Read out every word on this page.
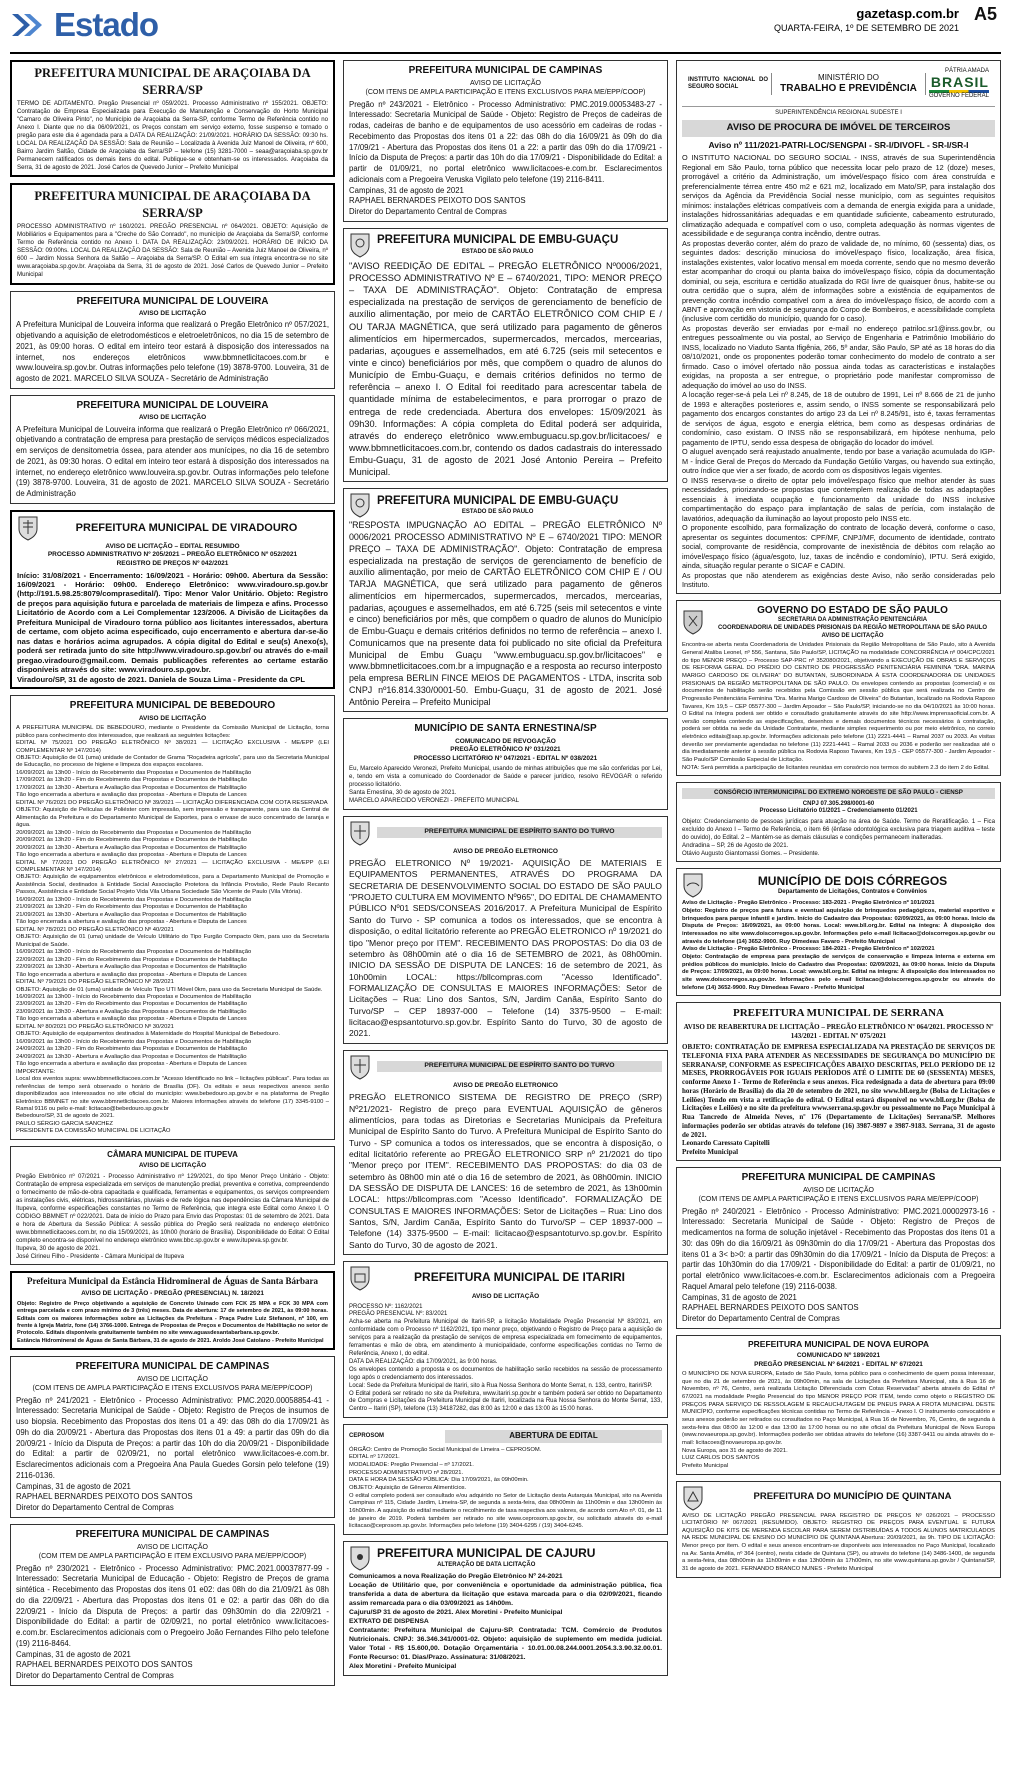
Estado	gazetasp.com.br
QUARTA-FEIRA, 1º DE SETEMBRO DE 2021
A5
PREFEITURA MUNICIPAL DE ARAÇOIABA DA SERRA/SP
TERMO DE ADITAMENTO. Pregão Presencial nº 059/2021. Processo Administrativo nº 155/2021. OBJETO: Contratação de Empresa Especializada para Execução de Manutenção e Conservação do Horto Municipal "Camaro de Oliveira Pinto", no Município de Araçoiaba da Serra-SP, conforme Termo de Referência contido no Anexo I. Diante que no dia 06/09/2021, os Preços constam em serviço externo, fosse suspenso e tornado o pregão para este dia é agendada para a DATA DA REALIZAÇÃO: 21/09/2021. HORÁRIO DA SESSÃO: 09:30 hs. LOCAL DA REALIZAÇÃO DA SESSÃO: Sala de Reunião – Localizada à Avenida Juiz Manoel de Oliveira, nº 600, Bairro Jardim Saltão, Cidade de Araçoiaba da Serra/SP – telefone (15) 3281-7000 – seaa@araçoiaba.sp.gov.br Permanecem ratificados os demais itens do edital. Publique-se e obtenham-se os interessados. Araçoiaba da Serra, 31 de agosto de 2021. José Carlos de Quevedo Junior – Prefeito Municipal
PREFEITURA MUNICIPAL DE ARAÇOIABA DA SERRA/SP
PROCESSO ADMINISTRATIVO nº 160/2021. PREGÃO PRESENCIAL nº 064/2021. OBJETO: Aquisição de Mobiliários e Equipamentos para a "Creche do São Conrado", no município de Araçoiaba da Serra/SP, conforme Termo de Referência contido no Anexo I. DATA DA REALIZAÇÃO: 23/09/2021. HORÁRIO DE INÍCIO DA SESSÃO: 09:00hs. LOCAL DA REALIZAÇÃO DA SESSÃO: Sala de Reunião – Avenida Juiz Manoel de Oliveira, nº 600 – Jardim Nossa Senhora da Saltão – Araçoiaba da Serra/SP. O Edital em sua íntegra encontra-se no site www.araçoiaba.sp.gov.br. Araçoiaba da Serra, 31 de agosto de 2021. José Carlos de Quevedo Junior – Prefeito Municipal
PREFEITURA MUNICIPAL DE LOUVEIRA
AVISO DE LICITAÇÃO
A Prefeitura Municipal de Louveira informa que realizará o Pregão Eletrônico nº 057/2021, objetivando a aquisição de eletrodomésticos e eletroeletrônicos, no dia 15 de setembro de 2021, às 09:00 horas. O edital em inteiro teor estará à disposição dos interessados na internet, nos endereços eletrônicos www.bbmnetlicitacoes.com.br e www.louveira.sp.gov.br. Outras informações pelo telefone (19) 3878-9700. Louveira, 31 de agosto de 2021. MARCELO SILVA SOUZA - Secretário de Administração
PREFEITURA MUNICIPAL DE LOUVEIRA
AVISO DE LICITAÇÃO
A Prefeitura Municipal de Louveira informa que realizará o Pregão Eletrônico nº 066/2021, objetivando a contratação de empresa para prestação de serviços médicos especializados em serviços de densitometria óssea, para atender aos munícipes, no dia 16 de setembro de 2021, às 09:30 horas. O edital em inteiro teor estará à disposição dos interessados na internet, no endereço eletrônico www.louveira.sp.gov.br. Outras informações pelo telefone (19) 3878-9700. Louveira, 31 de agosto de 2021. MARCELO SILVA SOUZA - Secretário de Administração
PREFEITURA MUNICIPAL DE VIRADOURO
AVISO DE LICITAÇÃO – EDITAL RESUMIDO
PROCESSO ADMINISTRATIVO Nº 205/2021 – PREGÃO ELETRÔNICO Nº 052/2021
REGISTRO DE PREÇOS Nº 042/2021
Início: 31/08/2021 - Encerramento: 16/09/2021 - Horário: 09h00. Abertura da Sessão: 16/09/2021 - Horário: 09h00. Endereço Eletrônico: www.viradouro.sp.gov.br (http://191.5.98.25:8079/comprasedital/). Tipo: Menor Valor Unitário. Objeto: Registro de preços para aquisição futura e parcelada de materiais de limpeza e afins. Processo Licitatório de Acordo com a Lei Complementar 123/2006. A Divisão de Licitações da Prefeitura Municipal de Viradouro torna público aos licitantes interessados, abertura de certame, com objeto acima especificado, cujo encerramento e abertura dar-se-ão nas datas e horários acima agrupados. A cópia digital do Edital e seu(s) Anexo(s), poderá ser retirada junto do site http://www.viradouro.sp.gov.br/ ou através do e-mail pregao.viradouro@gmail.com. Demais publicações referentes ao certame estarão disponíveis através do site: www.viradouro.sp.gov.br.
Viradouro/SP, 31 de agosto de 2021. Daniela de Souza Lima - Presidente da CPL
PREFEITURA MUNICIPAL DE BEBEDOURO
AVISO DE LICITAÇÃO
A PREFEITURA MUNICIPAL DE BEBEDOURO, mediante o Presidente da Comissão Municipal de Licitação, torna público para conhecimento dos interessados, que realizará as seguintes licitações:
EDITAL Nº 75/2021 DO PREGÃO ELETRÔNICO Nº 38/2021 — LICITAÇÃO EXCLUSIVA - ME/EPP (LEI COMPLEMENTAR Nº 147/2014)
OBJETO: Aquisição de 01 (uma) unidade de Contador de Grama "Roçadeira agrícola", para uso da Secretaria Municipal de Educação, no processo de higiene e limpeza dos espaços escolares.
16/09/2021 às 13h00 - Início do Recebimento das Propostas e Documentos de Habilitação
17/09/2021 às 13h20 - Fim do Recebimento das Propostas e Documentos de Habilitação
17/09/2021 às 13h30 - Abertura e Avaliação das Propostas e Documentos de Habilitação
Tão logo encerrada a abertura e avaliação das propostas - Abertura e Disputa de Lances
EDITAL Nº 76/2021 DO PREGÃO ELETRÔNICO Nº 39/2021 — LICITAÇÃO DIFERENCIADA COM COTA RESERVADA
OBJETO: Aquisição de Películas de Poliéster com impressão, sem impressão e transparente, para uso da Central de Alimentação da Prefeitura e do Departamento Municipal de Esportes, para o envase de suco concentrado de laranja e água.
20/09/2021 às 13h00 - Início do Recebimento das Propostas e Documentos de Habilitação
20/09/2021 às 13h20 - Fim do Recebimento das Propostas e Documentos de Habilitação
20/09/2021 às 13h30 - Abertura e Avaliação das Propostas e Documentos de Habilitação
Tão logo encerrada a abertura e avaliação das propostas - Abertura e Disputa de Lances
EDITAL Nº 77/2021 DO PREGÃO ELETRÔNICO Nº 27/2021 — LICITAÇÃO EXCLUSIVA - ME/EPP (LEI COMPLEMENTAR Nº 147/2014)
OBJETO: Aquisição de equipamentos eletrônicos e eletrodomésticos, para a Departamento Municipal de Promoção e Assistência Social, destinados à Entidade Social Associação Protetora da Infância Provisão, Rede Paulo Recanto Passos, Assistência e Entidade Social Projeto Vida Vila Urbana Sociedade São Vicente de Paulo (Vila Vitória).
16/09/2021 às 13h00 - Início do Recebimento das Propostas e Documentos de Habilitação
21/09/2021 às 13h20 - Fim do Recebimento das Propostas e Documentos de Habilitação
21/09/2021 às 13h30 - Abertura e Avaliação das Propostas e Documentos de Habilitação
Tão logo encerrada a abertura e avaliação das propostas - Abertura e Disputa de Lances
EDITAL Nº 78/2021 DO PREGÃO ELETRÔNICO Nº 40/2021
OBJETO: Aquisição de 01 (uma) unidade de Veículo Utilitário do Tipo Furgão Compacto 0km, para uso da Secretaria Municipal de Saúde.
16/09/2021 às 13h00 - Início do Recebimento das Propostas e Documentos de Habilitação
22/09/2021 às 13h20 - Fim do Recebimento das Propostas e Documentos de Habilitação
22/09/2021 às 13h30 - Abertura e Avaliação das Propostas e Documentos de Habilitação
Tão logo encerrada a abertura e avaliação das propostas - Abertura e Disputa de Lances
EDITAL Nº 79/2021 DO PREGÃO ELETRÔNICO Nº 28/2021
OBJETO: Aquisição de 01 (uma) unidade de Veículo Tipo UTI Móvel 0km, para uso da Secretaria Municipal de Saúde.
16/09/2021 às 13h00 - Início do Recebimento das Propostas e Documentos de Habilitação
23/09/2021 às 13h20 - Fim do Recebimento das Propostas e Documentos de Habilitação
23/09/2021 às 13h30 - Abertura e Avaliação das Propostas e Documentos de Habilitação
Tão logo encerrada a abertura e avaliação das propostas - Abertura e Disputa de Lances
EDITAL Nº 80/2021 DO PREGÃO ELETRÔNICO Nº 30/2021
OBJETO: Aquisição de equipamentos destinados à Maternidade do Hospital Municipal de Bebedouro.
16/09/2021 às 13h00 - Início do Recebimento das Propostas e Documentos de Habilitação
24/09/2021 às 13h20 - Fim do Recebimento das Propostas e Documentos de Habilitação
24/09/2021 às 13h30 - Abertura e Avaliação das Propostas e Documentos de Habilitação
Tão logo encerrada a abertura e avaliação das propostas - Abertura e Disputa de Lances
IMPORTANTE:
Local dos eventos supra: www.bbmnetlicitacoes.com.br "Acesso Identificado no link – licitações públicas". Para todas as referências de tempo será observado o horário de Brasília (DF). Os editais e seus respectivos anexos serão disponibilizados aos interessados no site oficial do município: www.bebedouro.sp.gov.br e na plataforma de Pregão Eletrônico BBMNET no site www.bbmnetlicitacoes.com.br. Maiores informações através do telefone (17) 3345-9100 – Ramal 9116 ou pelo e-mail: licitacao@bebedouro.sp.gov.br
Bebedouro/SP, 31 de agosto de 2021.
PAULO SÉRGIO GARCIA SANCHEZ
PRESIDENTE DA COMISSÃO MUNICIPAL DE LICITAÇÃO
CÂMARA MUNICIPAL DE ITUPEVA
AVISO DE LICITAÇÃO
Pregão Eletrônico nº 07/2021 - Processo Administrativo nº 129/2021, do tipo Menor Preço Unitário - Objeto: Contratação de empresa especializada em serviços de manutenção predial, preventiva e corretiva, compreendendo o fornecimento de mão-de-obra capacitada e qualificada, ferramentas e equipamentos, os serviços compreendem as instalações civis, elétricas, hidrossanitárias, pluviais e de rede lógica nas dependências da Câmara Municipal de Itupeva, conforme especificações constantes no Termo de Referência, que integra este Edital como Anexo I. O CODIGO BBMNET nº 022/2021. Data de início do Prazo para Envio das Propostas: 01 de setembro de 2021. Data e hora de Abertura da Sessão Pública: A sessão pública do Pregão será realizada no endereço eletrônico www.bbmnetlicitacoes.com.br, no dia 15/09/2021, às 10h00 (horário de Brasília). Disponibilidade do Edital: O Edital completo encontra-se disponível no endereço eletrônico www.bbc.sp.gov.br e www.itupeva.sp.gov.br.
Itupeva, 30 de agosto de 2021.
José Cirineu Filho - Presidente - Câmara Municipal de Itupeva
Prefeitura Municipal da Estância Hidromineral de Águas de Santa Bárbara
AVISO DE LICITAÇÃO - PREGÃO (PRESENCIAL) N. 18/2021
Objeto: Registro de Preço objetivando a aquisição de Concreto Usinado com FCK 25 MPA e FCK 30 MPA com entrega parcelada e com prazo mínimo de 3 (três) meses. Data de abertura: 17 de setembro de 2021, às 09:00 horas. Editais com os maiores informações sobre as Licitações da Prefeitura - Praça Padre Luiz Stefanoni, nº 100, em frente à Igreja Matriz, fone (14) 3766-1000. Entrega de Propostas de Preços e Documentos de Habilitação no setor de Protocolo. Editais disponíveis gratuitamente também no site www.aguasdesantabarbara.sp.gov.br.
Estância Hidromineral de Águas de Santa Bárbara, 31 de agosto de 2021. Aroldo José Catolano - Prefeito Municipal
PREFEITURA MUNICIPAL DE CAMPINAS
AVISO DE LICITAÇÃO
(COM ITENS DE AMPLA PARTICIPAÇÃO E ITENS EXCLUSIVOS PARA ME/EPP/COOP)
Pregão nº 241/2021 - Eletrônico - Processo Administrativo: PMC.2020.00058854-41 - Interessado: Secretaria Municipal de Saúde - Objeto: Registro de Preços de insumos de uso biopsia. Recebimento das Propostas dos itens 01 a 49: das 08h do dia 17/09/21 às 09h do dia 20/09/21 - Abertura das Propostas dos itens 01 a 49: a partir das 09h do dia 20/09/21 - Início da Disputa de Preços: a partir das 10h do dia 20/09/21 - Disponibilidade do Edital: a partir de 02/09/21, no portal eletrônico www.licitacoes-e.com.br. Esclarecimentos adicionais com a Pregoeira Ana Paula Guedes Gorsin pelo telefone (19) 2116-0136.
Campinas, 31 de agosto de 2021
RAPHAEL BERNARDES PEIXOTO DOS SANTOS
Diretor do Departamento Central de Compras
PREFEITURA MUNICIPAL DE CAMPINAS
AVISO DE LICITAÇÃO
(COM ITEM DE AMPLA PARTICIPAÇÃO E ITEM EXCLUSIVO PARA ME/EPP/COOP)
Pregão nº 230/2021 - Eletrônico - Processo Administrativo: PMC.2021.00037877-99 - Interessado: Secretaria Municipal de Educação - Objeto: Registro de Preços de grama sintética - Recebimento das Propostas dos itens 01 e02: das 08h do dia 21/09/21 às 08h do dia 22/09/21 - Abertura das Propostas dos itens 01 e 02: a partir das 08h do dia 22/09/21 - Início da Disputa de Preços: a partir das 09h30min do dia 22/09/21 - Disponibilidade do Edital: a partir de 02/09/21, no portal eletrônico www.licitacoes-e.com.br. Esclarecimentos adicionais com o Pregoeiro João Fernandes Filho pelo telefone (19) 2116-8464.
Campinas, 31 de agosto de 2021
RAPHAEL BERNARDES PEIXOTO DOS SANTOS
Diretor do Departamento Central de Compras
PREFEITURA MUNICIPAL DE CAMPINAS
AVISO DE LICITAÇÃO
(COM ITENS DE AMPLA PARTICIPAÇÃO E ITENS EXCLUSIVOS PARA ME/EPP/COOP)
Pregão nº 243/2021 - Eletrônico - Processo Administrativo: PMC.2019.00053483-27 - Interessado: Secretaria Municipal de Saúde - Objeto: Registro de Preços de cadeiras de rodas, cadeiras de banho e de equipamentos de uso acessório em cadeiras de rodas - Recebimento das Propostas dos itens 01 a 22: das 08h do dia 16/09/21 às 09h do dia 17/09/21 - Abertura das Propostas dos itens 01 a 22: a partir das 09h do dia 17/09/21 - Início da Disputa de Preços: a partir das 10h do dia 17/09/21 - Disponibilidade do Edital: a partir de 01/09/21, no portal eletrônico www.licitacoes-e.com.br. Esclarecimentos adicionais com a Pregoeira Veruska Vigilato pelo telefone (19) 2116-8411.
Campinas, 31 de agosto de 2021
RAPHAEL BERNARDES PEIXOTO DOS SANTOS
Diretor do Departamento Central de Compras
PREFEITURA MUNICIPAL DE EMBU-GUAÇU
ESTADO DE SÃO PAULO
"AVISO REEDIÇÃO DE EDITAL – PREGÃO ELETRÔNICO Nº0006/2021, PROCESSO ADMINISTRATIVO Nº E – 6740/2021, TIPO: MENOR PREÇO – TAXA DE ADMINISTRAÇÃO". Objeto: Contratação de empresa especializada na prestação de serviços de gerenciamento de benefício de auxílio alimentação, por meio de CARTÃO ELETRÔNICO COM CHIP E / OU TARJA MAGNÉTICA, que será utilizado para pagamento de gêneros alimentícios em hipermercados, supermercados, mercados, mercearias, padarias, açougues e assemelhados, em até 6.725 (seis mil setecentos e vinte e cinco) beneficiários por mês, que compõem o quadro de alunos do Município de Embu-Guaçu, e demais critérios definidos no termo de referência – anexo I. O Edital foi reeditado para acrescentar tabela de quantidade mínima de estabelecimentos, e para prorrogar o prazo de entrega de rede credenciada. Abertura dos envelopes: 15/09/2021 às 09h30. Informações: A cópia completa do Edital poderá ser adquirida, através do endereço eletrônico www.embuguacu.sp.gov.br/licitacoes/ e www.bbmnetlicitacoes.com.br, contendo os dados cadastrais do interessado Embu-Guaçu, 31 de agosto de 2021 José Antonio Pereira – Prefeito Municipal.
PREFEITURA MUNICIPAL DE EMBU-GUAÇU
ESTADO DE SÃO PAULO
"RESPOSTA IMPUGNAÇÃO AO EDITAL – PREGÃO ELETRÔNICO Nº 0006/2021 PROCESSO ADMINISTRATIVO Nº E – 6740/2021 TIPO: MENOR PREÇO – TAXA DE ADMINISTRAÇÃO". Objeto: Contratação de empresa especializada na prestação de serviços de gerenciamento de benefício de auxílio alimentação, por meio de CARTÃO ELETRÔNICO COM CHIP E / OU TARJA MAGNÉTICA, que será utilizado para pagamento de gêneros alimentícios em hipermercados, supermercados, mercados, mercearias, padarias, açougues e assemelhados, em até 6.725 (seis mil setecentos e vinte e cinco) beneficiários por mês, que compõem o quadro de alunos do Município de Embu-Guaçu e demais critérios definidos no termo de referência – anexo I. Comunicamos que na presente data foi publicado no site oficial da Prefeitura Municipal de Embu Guaçu "www.embuguacu.sp.gov.br/licitacoes" e www.bbmnetlicitacoes.com.br a impugnação e a resposta ao recurso interposto pela empresa BERLIN FINCE MEIOS DE PAGAMENTOS - LTDA, inscrita sob CNPJ nº16.814.330/0001-50. Embu-Guaçu, 31 de agosto de 2021. José Antônio Pereira – Prefeito Municipal
MUNICÍPIO DE SANTA ERNESTINA/SP
COMUNICADO DE REVOGAÇÃO
PREGÃO ELETRÔNICO Nº 031/2021
PROCESSO LICITATÓRIO Nº 047/2021 - EDITAL Nº 038/2021
Eu, Marcelo Aparecido Veronezi, Prefeito Municipal, usando de minhas atribuições que me são conferidas por Lei, e, tendo em vista a comunicado do Coordenador de Saúde e parecer jurídico, resolvo REVOGAR o referido processo licitatório.
Santa Ernestina, 30 de agosto de 2021.
MARCELO APARECIDO VERONEZI - PREFEITO MUNICIPAL
PREFEITURA MUNICIPAL DE ESPÍRITO SANTO DO TURVO
AVISO DE PREGÃO ELETRONICO
PREGÃO ELETRONICO Nº 19/2021- AQUISIÇÃO DE MATERIAIS E EQUIPAMENTOS PERMANENTES, ATRAVÉS DO PROGRAMA DA SECRETARIA DE DESENVOLVIMENTO SOCIAL DO ESTADO DE SÃO PAULO "PROJETO CULTURA EM MOVIMENTO Nº965", DO EDITAL DE CHAMAMENTO PÚBLICO Nº01 SEDS/CONSEAS 2016/2017. A Prefeitura Municipal de Espírito Santo do Turvo - SP comunica a todos os interessados, que se encontra à disposição, o edital licitatório referente ao PREGÃO ELETRONICO nº 19/2021 do tipo "Menor preço por ITEM". RECEBIMENTO DAS PROPOSTAS: Do dia 03 de setembro às 08h00min até o dia 16 de SETEMBRO de 2021, às 08h00min. INICIO DA SESSÃO DE DISPUTA DE LANCES: 16 de setembro de 2021, às 10h00min LOCAL: https://bllcompras.com "Acesso Identificado". FORMALIZAÇÃO DE CONSULTAS E MAIORES INFORMAÇÕES: Setor de Licitações – Rua: Lino dos Santos, S/N, Jardim Canãa, Espírito Santo do Turvo/SP – CEP 18937-000 – Telefone (14) 3375-9500 – E-mail: licitacao@espsantoturvo.sp.gov.br. Espírito Santo do Turvo, 30 de agosto de 2021.
PREFEITURA MUNICIPAL DE ESPÍRITO SANTO DO TURVO
AVISO DE PREGÃO ELETRONICO
PREGÃO ELETRONICO SISTEMA DE REGISTRO DE PREÇO (SRP) Nº21/2021- Registro de preço para EVENTUAL AQUISIÇÃO de gêneros alimentícios, para todas as Diretorias e Secretarias Municipais da Prefeitura Municipal de Espírito Santo do Turvo. A Prefeitura Municipal de Espírito Santo do Turvo - SP comunica a todos os interessados, que se encontra à disposição, o edital licitatório referente ao PREGÃO ELETRONICO SRP nº 21/2021 do tipo "Menor preço por ITEM". RECEBIMENTO DAS PROPOSTAS: do dia 03 de setembro às 08h00 min até o dia 16 de setembro de 2021, às 08h00min. INICIO DA SESSÃO DE DISPUTA DE LANCES: 16 de setembro de 2021, às 13h00min LOCAL: https://bllcompras.com "Acesso Identificado". FORMALIZAÇÃO DE CONSULTAS E MAIORES INFORMAÇÕES: Setor de Licitações – Rua: Lino dos Santos, S/N, Jardim Canãa, Espírito Santo do Turvo/SP – CEP 18937-000 – Telefone (14) 3375-9500 – E-mail: licitacao@espsantoturvo.sp.gov.br. Espírito Santo do Turvo, 30 de agosto de 2021.
PREFEITURA MUNICIPAL DE ITARIRI
AVISO DE LICITAÇÃO
PROCESSO Nº: 1162/2021
PREGÃO PRESENCIAL Nº: 83/2021
Acha-se aberta na Prefeitura Municipal de Itariri-SP, a licitação Modalidade Pregão Presencial Nº 83/2021, em conformidade com o Processo nº 1162/2021, tipo menor preço, objetivando o Registro de Preço para a aquisição de serviços para a realização da prestação de serviços de empresa especializada em fornecimento de equipamentos, ferramentas e mão de obra, em atendimento à municipalidade, conforme especificações contidas no Termo de Referência, Anexo I, do edital.
DATA DA REALIZAÇÃO: dia 17/09/2021, às 9:00 horas.
Os envelopes contendo a proposta e os documentos de habilitação serão recebidos na sessão de processamento logo após o credenciamento dos interessados.
Local: Sede da Prefeitura Municipal de Itariri, sito à Rua Nossa Senhora do Monte Serrat, n. 133, centro, Itariri/SP.
O Edital poderá ser retirado no site da Prefeitura, www.itariri.sp.gov.br e também poderá ser obtido no Departamento de Compras e Licitações da Prefeitura Municipal de Itariri, localizada na Rua Nossa Senhora do Monte Serrat, 133, Centro – Itariri (SP), telefone (13) 34187282, das 8:00 às 12:00 e das 13:00 às 15:00 horas.
CEPROSOM	ABERTURA DE EDITAL
ÓRGÃO: Centro de Promoção Social Municipal de Limeira – CEPROSOM.
EDITAL nº 17/2021.
MODALIDADE: Pregão Presencial – nº 17/2021.
PROCESSO ADMINISTRATIVO nº 28/2021.
DATA E HORA DA SESSÃO PÚBLICA: Dia 17/09/2021, às 09h00min.
OBJETO: Aquisição de Gêneros Alimentícios.
O edital completo poderá ser consultado e/ou adquirido no Setor de Licitação desta Autarquia Municipal, sito na Avenida Campinas nº 115, Cidade Jardim, Limeira-SP, de segunda a sexta-feira, das 08h00min às 11h00min e das 13h00min às 16h00min. A aquisição do edital mediante o recolhimento de taxa respectiva aos valores, de acordo com Ato nº. 01, de 11 de janeiro de 2019. Poderá também ser retirado no site www.ceprosom.sp.gov.br, ou solicitado através do e-mail licitacao@ceprosom.sp.gov.br. Informações pelo telefone (19) 3404-6295 / (19) 3404-6245.
PREFEITURA MUNICIPAL DE CAJURU
ALTERAÇÃO DE DATA LICITAÇÃO
Comunicamos a nova Realização do Pregão Eletrônico Nº 24-2021
Locação de Utilitário que, por conveniência e oportunidade da administração pública, fica transferida a data de abertura da licitação que estava marcada para o dia 02/09/2021, ficando assim remarcada para o dia 03/09/2021 as 14h00m.
Cajuru/SP 31 de agosto de 2021. Alex Moretini - Prefeito Municipal
EXTRATO DE DISPENSA
Contratante: Prefeitura Municipal de Cajuru-SP. Contratada: TCM. Comércio de Produtos Nutricionais. CNPJ: 36.346.341/0001-02. Objeto: aquisição de suplemento em medida judicial. Valor Total - R$ 15.600,00. Dotação Orçamentária - 10.01.00.08.244.0001.2054.3.3.90.32.00.01. Fonte Recurso: 01. Dias/Prazo. Assinatura: 31/08/2021.
Alex Moretini - Prefeito Municipal
INSTITUTO NACIONAL DO SEGURO SOCIAL
MINISTÉRIO DO
TRABALHO E PREVIDÊNCIA
PÁTRIA AMADA
BRASIL
GOVERNO FEDERAL
SUPERINTENDÊNCIA REGIONAL SUDESTE I
AVISO DE PROCURA DE IMÓVEL DE TERCEIROS
Aviso nº 111/2021-PATRI-LOC/SENGPAI - SR-I/DIVOFL - SR-I/SR-I
O INSTITUTO NACIONAL DO SEGURO SOCIAL - INSS, através de sua Superintendência Regional em São Paulo, torna público que necessita locar pelo prazo de 12 (doze) meses, prorrogável a critério da Administração, um imóvel/espaço físico com área construída e preferencialmente térrea entre 450 m2 e 621 m2, localizado em Mato/SP, para instalação dos serviços da Agência da Previdência Social nesse município, com as seguintes requisitos mínimos: instalações elétricas compatíveis com a demanda de energia exigida para a unidade, instalações hidrossanitárias adequadas e em quantidade suficiente, cabeamento estruturado, climatização adequada e compatível com o uso, completa adequação às normas vigentes de acessibilidade e de segurança contra incêndio, dentre outras.
As propostas deverão conter, além do prazo de validade de, no mínimo, 60 (sessenta) dias, os seguintes dados: descrição minuciosa do imóvel/espaço físico, localização, área física, instalações existentes, valor locativo mensal em moeda corrente, sendo que no mesmo deverão estar acompanhar do croqui ou planta baixa do imóvel/espaço físico, cópia da documentação dominial, ou seja, escritura e certidão atualizada do RGI livre de quaisquer ônus, habite-se ou outra certidão que o supra, além de informações sobre a existência de equipamentos de prevenção contra incêndio compatível com a área do imóvel/espaço físico, de acordo com a ABNT e aprovação em vistoria de segurança do Corpo de Bombeiros, e acessibilidade completa (inclusive com certidão do município, quando for o caso).
As propostas deverão ser enviadas por e-mail no endereço patriloc.sr1@inss.gov.br, ou entregues pessoalmente ou via postal, ao Serviço de Engenharia e Patrimônio Imobiliário do INSS, localizado no Viaduto Santa Ifigênia, 266, 5º andar, São Paulo, SP até as 18 horas do dia 08/10/2021, onde os proponentes poderão tomar conhecimento do modelo de contrato a ser firmado. Caso o imóvel ofertado não possua ainda todas as características e instalações exigidas, na proposta a ser entregue, o proprietário pode manifestar compromisso de adequação do imóvel ao uso do INSS.
A locação reger-se-á pela Lei nº 8.245, de 18 de outubro de 1991, Lei nº 8.666 de 21 de junho de 1993 e alterações posteriores e, assim sendo, o INSS somente se responsabilizará pelo pagamento dos encargos constantes do artigo 23 da Lei nº 8.245/91, isto é, taxas ferramentas de serviços de água, esgoto e energia elétrica, bem como as despesas ordinárias de condomínio, caso existam. O INSS não se responsabilizará, em hipótese nenhuma, pelo pagamento de IPTU, sendo essa despesa de obrigação do locador do imóvel.
O aluguel avençado será reajustado anualmente, tendo por base a variação acumulada do IGP-M - Índice Geral de Preços do Mercado da Fundação Getúlio Vargas, ou havendo sua extinção, outro índice que vier a ser fixado, de acordo com os dispositivos legais vigentes.
O INSS reserva-se o direito de optar pelo imóvel/espaço físico que melhor atender às suas necessidades, priorizando-se propostas que contemplem realização de todas as adaptações essenciais à imediata ocupação e funcionamento da unidade do INSS inclusive compartimentação do espaço para implantação de salas de perícia, com instalação de lavatórios, adequação da iluminação ao layout proposto pelo INSS etc.
O proponente escolhido, para formalização do contrato de locação deverá, conforme o caso, apresentar os seguintes documentos: CPF/MF, CNPJ/MF, documento de identidade, contrato social, comprovante de residência, comprovante de inexistência de débitos com relação ao imóvel/espaço físico (água/esgoto, luz, taxas de incêndio e condomínio), IPTU. Será exigido, ainda, situação regular perante o SICAF e CADIN.
As propostas que não atenderem as exigências deste Aviso, não serão consideradas pelo Instituto.
GOVERNO DO ESTADO DE SÃO PAULO
SECRETARIA DA ADMINISTRAÇÃO PENITENCIÁRIA
COORDENADORIA DE UNIDADES PRISIONAIS DA REGIÃO METROPOLITANA DE SÃO PAULO
AVISO DE LICITAÇÃO
Encontra-se aberta nesta Coordenadoria de Unidades Prisionais da Região Metropolitana de São Paulo, sito à Avenida General Ataliba Leonel, nº 556, Santana, São Paulo/SP, LICITAÇÃO na modalidade CONCORRÊNCIA nº 004/CPC/2021 do tipo MENOR PREÇO – Processo SAP-PRC nº 352080/2021, objetivando a EXECUÇÃO DE OBRAS E SERVIÇOS DE REFORMA GERAL DO PRÉDIO DO CENTRO DE PROGRESSÃO PENITENCIÁRIA FEMININA "DRA. MARINA MARIGO CARDOSO DE OLIVEIRA" DO BUTANTAN, SUBORDINADA À ESTA COORDENADORIA DE UNIDADES PRISIONAIS DA REGIÃO METROPOLITANA DE SÃO PAULO. Os envelopes contendo as propostas (comercial) e os documentos de habilitação serão recebidos pela Comissão em sessão pública que será realizada no Centro de Progressão Penitenciária Feminina "Dra. Marina Marigo Cardoso de Oliveira" do Butantan, localizado na Rodovia Raposo Tavares, Km 19,5 – CEP 05577-300 – Jardim Arpoador – São Paulo/SP, iniciando-se no dia 04/10/2021 às 10:00 horas. O Edital na íntegra poderá ser obtido e consultado gratuitamente através do site http://www.imprensaoficial.com.br. A versão completa contendo as especificações, desenhos e demais documentos técnicos necessários à contratação, poderá ser obtida na sede da Unidade Contratante, mediante simples requerimento ou por meio eletrônico, no correio eletrônico editais@sap.sp.gov.br. Informações adicionais pelo telefone (11) 2221-4441 – Ramal 2037 ou 2033. As visitas deverão ser previamente agendadas no telefone (11) 2221-4441 – Ramal 2033 ou 2036 e poderão ser realizadas até o dia imediatamente anterior à sessão pública na Rodovia Raposo Tavares, Km 19,5 - CEP 05577-300 - Jardim Arpoador - São Paulo/SP Comissão Especial de Licitação.
NOTA: Será permitida a participação de licitantes reunidas em consórcio nos termos do subitem 2.3 do item 2 do Edital.
CONSÓRCIO INTERMUNICIPAL DO EXTREMO NOROESTE DE SÃO PAULO - CIENSP
CNPJ 07.305.298/0001-60
Processo Licitatório 01/2021 – Credenciamento 01/2021
Objeto: Credenciamento de pessoas jurídicas para atuação na área de Saúde. Termo de Reratificação. 1 – Fica excluído do Anexo I – Termo de Referência, o item 66 (ênfase odontológica exclusiva para triagem auditiva – teste do ouvido), do Edital. 2 – Mantém-se as demais cláusulas e condições permanecem inalteradas.
Andradina – SP, 26 de Agosto de 2021.
Otávio Augusto Giantomassi Gomes. – Presidente.
MUNICÍPIO DE DOIS CÓRREGOS
Departamento de Licitações, Contratos e Convênios
Aviso de Licitação - Pregão Eletrônico - Processo: 183-2021 - Pregão Eletrônico nº 101/2021
Objeto: Registro de preços para futura e eventual aquisição de brinquedos pedagógicos, material esportivo e brinquedos para parque infantil e jardim. Início do Cadastro das Propostas: 02/09/2021, às 09:00 horas. Início da Disputa de Preços: 16/09/2021, às 09:00 horas. Local: www.bll.org.br. Edital na íntegra: À disposição dos interessados no site www.doiscorregos.sp.gov.br. Informações pelo e-mail licitacao@doiscorregos.sp.gov.br ou através do telefone (14) 3652-9900. Ruy Dimedeas Favaro - Prefeito Municipal
Aviso de Licitação - Pregão Eletrônico - Processo: 184-2021 - Pregão Eletrônico nº 102/2021
Objeto: Contratação de empresa para prestação de serviços de conservação e limpeza interna e externa em prédios públicos do município. Início do Cadastro das Propostas: 02/09/2021, às 09:00 horas. Início da Disputa de Preços: 17/09/2021, às 09:00 horas. Local: www.bll.org.br. Edital na íntegra: À disposição dos interessados no site www.doiscorregos.sp.gov.br. Informações pelo e-mail licitacao@doiscorregos.sp.gov.br ou através do telefone (14) 3652-9900. Ruy Dimedeas Favaro - Prefeito Municipal
PREFEITURA MUNICIPAL DE SERRANA
AVISO DE REABERTURA DE LICITAÇÃO – PREGÃO ELETRÔNICO Nº 064/2021. PROCESSO Nº 143/2021 - EDITAL Nº 075/2021
OBJETO: CONTRATAÇÃO DE EMPRESA ESPECIALIZADA NA PRESTAÇÃO DE SERVIÇOS DE TELEFONIA FIXA PARA ATENDER AS NECESSIDADES DE SEGURANÇA DO MUNICÍPIO DE SERRANA/SP, CONFORME AS ESPECIFICAÇÕES ABAIXO DESCRITAS, PELO PERÍODO DE 12 MESES, PRORROGÁVEIS POR IGUAIS PERÍODOS ATÉ O LIMITE DE 60 (SESSENTA) MESES, conforme Anexo I - Termo de Referência e seus anexos. Fica redesignada a data de abertura para 09:00 horas (Horário de Brasília) do dia 20 de setembro de 2021, no site www.bll.org.br (Bolsa de Licitações e Leilões) Tendo em vista a retificação do edital. O Edital estará disponível no www.bll.org.br (Bolsa de Licitações e Leilões) e no site da prefeitura www.serrana.sp.gov.br ou pessoalmente no Paço Municipal à Rua Tancredo de Almeida Neves, nº 176 (Departamento de Licitações) Serrana/SP. Melhores informações poderão ser obtidas através do telefone (16) 3987-9897 e 3987-9183. Serrana, 31 de agosto de 2021.
Leonardo Caressato Capitelli
Prefeito Municipal
PREFEITURA MUNICIPAL DE CAMPINAS
AVISO DE LICITAÇÃO
(COM ITENS DE AMPLA PARTICIPAÇÃO E ITENS EXCLUSIVOS PARA ME/EPP/COOP)
Pregão nº 240/2021 - Eletrônico - Processo Administrativo: PMC.2021.00002973-16 - Interessado: Secretaria Municipal de Saúde - Objeto: Registro de Preços de medicamentos na forma de solução injetável - Recebimento das Propostas dos itens 01 a 30: das 09h do dia 16/09/21 às 09h30min do dia 17/09/21 - Abertura das Propostas dos itens 01 a 3< b>0: a partir das 09h30min do dia 17/09/21 - Início da Disputa de Preços: a partir das 10h30min do dia 17/09/21 - Disponibilidade do Edital: a partir de 01/09/21, no portal eletrônico www.licitacoes-e.com.br. Esclarecimentos adicionais com a Pregoeira Raquel Amaral pelo telefone (19) 2116-0038.
Campinas, 31 de agosto de 2021
RAPHAEL BERNARDES PEIXOTO DOS SANTOS
Diretor do Departamento Central de Compras
PREFEITURA MUNICIPAL DE NOVA EUROPA
COMUNICADO Nº 189/2021
PREGÃO PRESENCIAL Nº 64/2021 - EDITAL Nº 67/2021
O MUNICÍPIO DE NOVA EUROPA, Estado de São Paulo, torna público para o conhecimento de quem possa interessar, que no dia 21 de setembro de 2021, às 09h00min, na sala de Licitações da Prefeitura Municipal, sita à Rua 16 de Novembro, nº 76, Centro, será realizada Licitação Diferenciada com Cotas Reservadas" aberta através do Edital nº 67/2021 na modalidade Pregão Presencial do tipo MENOR PREÇO POR ITEM, tendo como objeto o REGISTRO DE PREÇOS PARA SERVIÇO DE RESSOLAGEM E RECAUCHUTAGEM DE PNEUS PARA A FROTA MUNICIPAL DESTE MUNICÍPIO, conforme especificações técnicas contidas no Termo de Referência – Anexo I. O instrumento convocatório e seus anexos poderão ser retirados ou consultados no Paço Municipal, à Rua 16 de Novembro, 76, Centro, de segunda à sexta-feira das 08:00 às 12:00 e das 13:00 às 17:00 horas ou no site oficial da Prefeitura Municipal de Nova Europa (www.novaeuropa.sp.gov.br). Informações poderão ser obtidas através do telefone (16) 3387-9411 ou ainda através do e-mail: licitacoes@novaeuropa.sp.gov.br.
Nova Europa, aos 31 de agosto de 2021.
LUIZ CARLOS DOS SANTOS
Prefeito Municipal
PREFEITURA DO MUNICÍPIO DE QUINTANA
AVISO DE LICITAÇÃO PREGÃO PRESENCIAL PARA REGISTRO DE PREÇOS Nº 026/2021 – PROCESSO LICITATÓRIO Nº 067/2021 (RESUMIDO). OBJETO: REGISTRO DE PREÇOS PARA EVENTUAL E FUTURA AQUISIÇÃO DE KITS DE MERENDA ESCOLAR PARA SEREM DISTRIBUÍDAS A TODOS ALUNOS MATRICULADOS NA REDE MUNICIPAL DE ENSINO DO MUNICÍPIO DE QUINTANA Abertura: 20/09/2021, às 9h. TIPO DE LICITAÇÃO: Menor preço por item. O edital e seus anexos encontram-se disponíveis aos interessados no Paço Municipal, localizado na Av. Santa Amélia, nº 364 (centro), nesta cidade de Quintana (SP), ou através do telefone (14) 3486-1400, de segunda a sexta-feira, das 08h00min às 11h00min e das 13h00min às 17h00min, no site www.quintana.sp.gov.br / Quintana/SP, 31 de agosto de 2021. FERNANDO BRANCO NUNES - Prefeito Municipal
